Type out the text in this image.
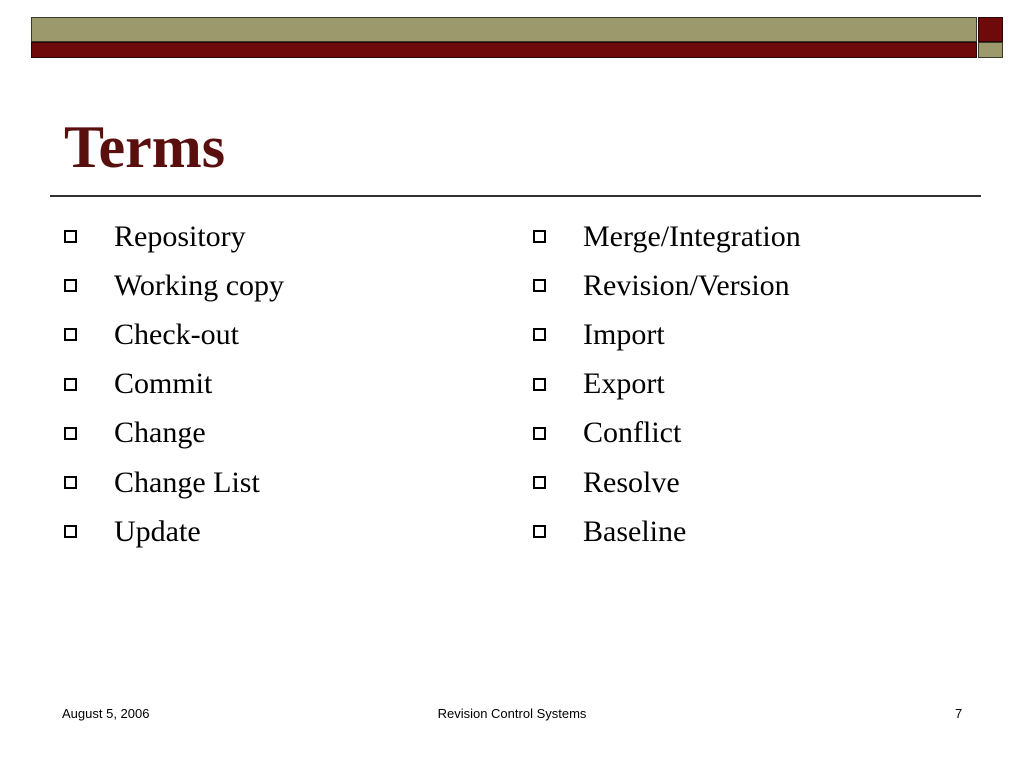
Terms
Repository
Working copy
Check-out
Commit
Change
Change List
Update
Merge/Integration
Revision/Version
Import
Export
Conflict
Resolve
Baseline
August 5, 2006	Revision Control Systems	7
